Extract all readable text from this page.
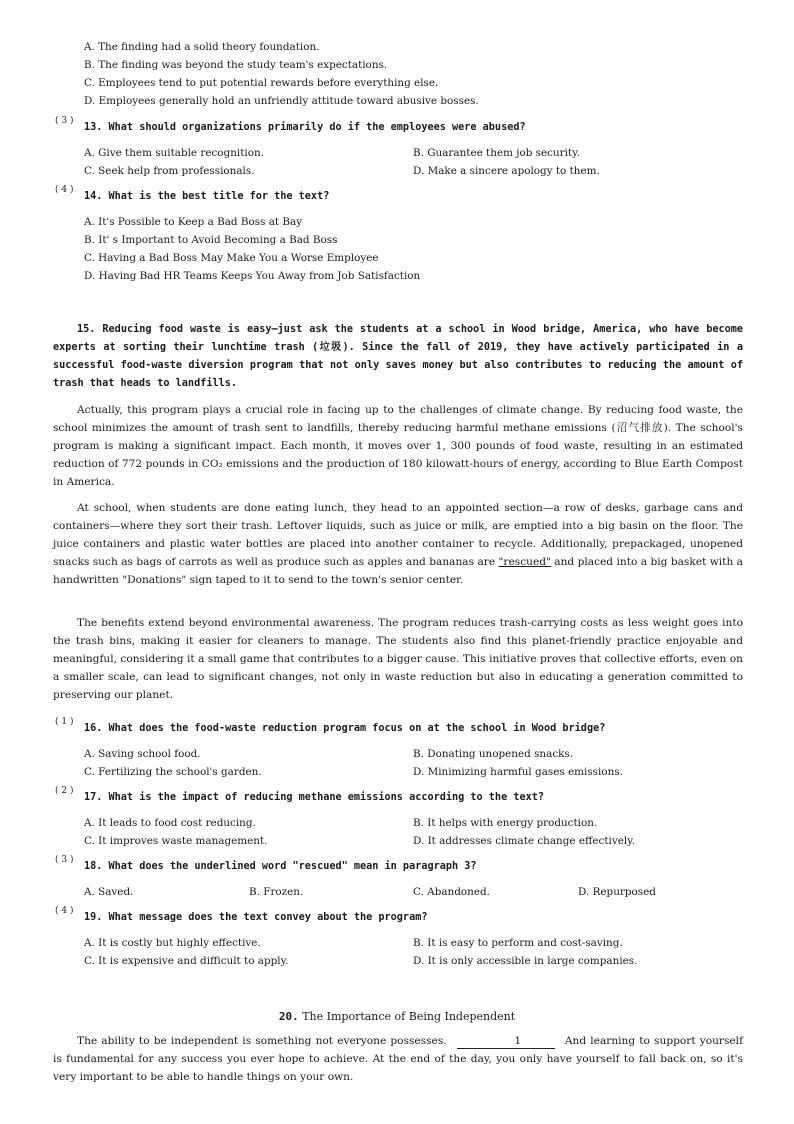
A. The finding had a solid theory foundation.
B. The finding was beyond the study team's expectations.
C. Employees tend to put potential rewards before everything else.
D. Employees generally hold an unfriendly attitude toward abusive bosses.
( 3 )
13. What should organizations primarily do if the employees were abused?
A. Give them suitable recognition.	B. Guarantee them job security.
C. Seek help from professionals.	D. Make a sincere apology to them.
( 4 )
14. What is the best title for the text?
A. It's Possible to Keep a Bad Boss at Bay
B. It' s Important to Avoid Becoming a Bad Boss
C. Having a Bad Boss May Make You a Worse Employee
D. Having Bad HR Teams Keeps You Away from Job Satisfaction
15. Reducing food waste is easy—just ask the students at a school in Wood bridge, America, who have become experts at sorting their lunchtime trash (垃圾). Since the fall of 2019, they have actively participated in a successful food-waste diversion program that not only saves money but also contributes to reducing the amount of trash that heads to landfills.
Actually, this program plays a crucial role in facing up to the challenges of climate change. By reducing food waste, the school minimizes the amount of trash sent to landfills, thereby reducing harmful methane emissions (沼气排放). The school's program is making a significant impact. Each month, it moves over 1, 300 pounds of food waste, resulting in an estimated reduction of 772 pounds in CO₂ emissions and the production of 180 kilowatt-hours of energy, according to Blue Earth Compost in America.
At school, when students are done eating lunch, they head to an appointed section—a row of desks, garbage cans and containers—where they sort their trash. Leftover liquids, such as juice or milk, are emptied into a big basin on the floor. The juice containers and plastic water bottles are placed into another container to recycle. Additionally, prepackaged, unopened snacks such as bags of carrots as well as produce such as apples and bananas are "rescued" and placed into a big basket with a handwritten "Donations" sign taped to it to send to the town's senior center.
The benefits extend beyond environmental awareness. The program reduces trash-carrying costs as less weight goes into the trash bins, making it easier for cleaners to manage. The students also find this planet-friendly practice enjoyable and meaningful, considering it a small game that contributes to a bigger cause. This initiative proves that collective efforts, even on a smaller scale, can lead to significant changes, not only in waste reduction but also in educating a generation committed to preserving our planet.
( 1 )
16. What does the food-waste reduction program focus on at the school in Wood bridge?
A. Saving school food.	B. Donating unopened snacks.
C. Fertilizing the school's garden.	D. Minimizing harmful gases emissions.
( 2 )
17. What is the impact of reducing methane emissions according to the text?
A. It leads to food cost reducing.	B. It helps with energy production.
C. It improves waste management.	D. It addresses climate change effectively.
( 3 )
18. What does the underlined word "rescued" mean in paragraph 3?
A. Saved.	B. Frozen.	C. Abandoned.	D. Repurposed
( 4 )
19. What message does the text convey about the program?
A. It is costly but highly effective.	B. It is easy to perform and cost-saving.
C. It is expensive and difficult to apply.	D. It is only accessible in large companies.
20. The Importance of Being Independent
The ability to be independent is something not everyone possesses.	1	And learning to support yourself is fundamental for any success you ever hope to achieve. At the end of the day, you only have yourself to fall back on, so it's very important to be able to handle things on your own.
